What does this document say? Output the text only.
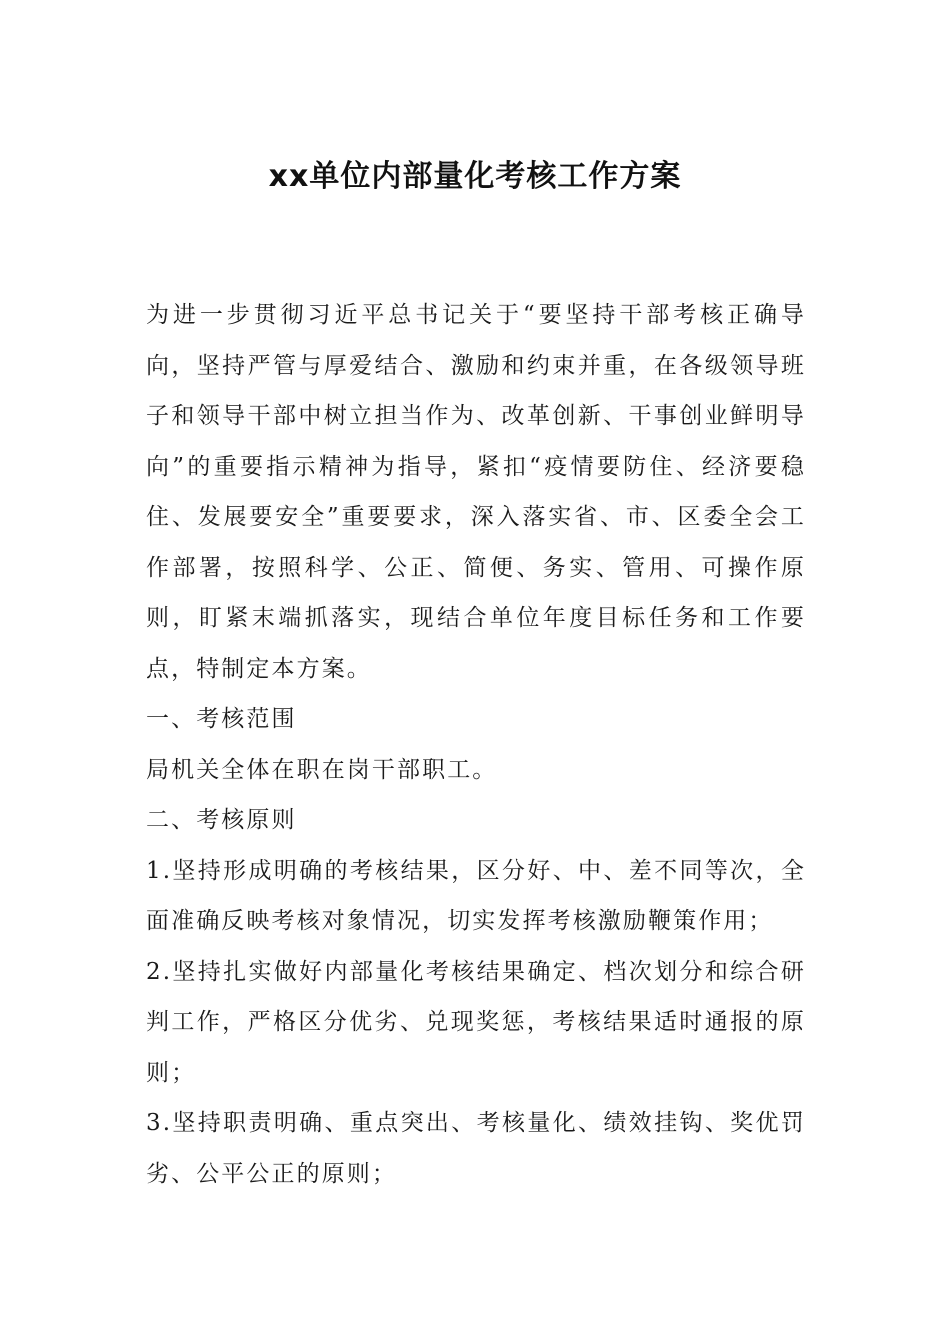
xx单位内部量化考核工作方案

为进一步贯彻习近平总书记关于“要坚持干部考核正确导向，坚持严管与厚爱结合、激励和约束并重，在各级领导班子和领导干部中树立担当作为、改革创新、干事创业鲜明导向”的重要指示精神为指导，紧扣“疫情要防住、经济要稳住、发展要安全”重要要求，深入落实省、市、区委全会工作部署，按照科学、公正、简便、务实、管用、可操作原则，盯紧末端抓落实，现结合单位年度目标任务和工作要点，特制定本方案。

一、考核范围

局机关全体在职在岗干部职工。

二、考核原则

1.坚持形成明确的考核结果，区分好、中、差不同等次，全面准确反映考核对象情况，切实发挥考核激励鞭策作用；

2.坚持扎实做好内部量化考核结果确定、档次划分和综合研判工作，严格区分优劣、兑现奖惩，考核结果适时通报的原则；

3.坚持职责明确、重点突出、考核量化、绩效挂钩、奖优罚劣、公平公正的原则；
